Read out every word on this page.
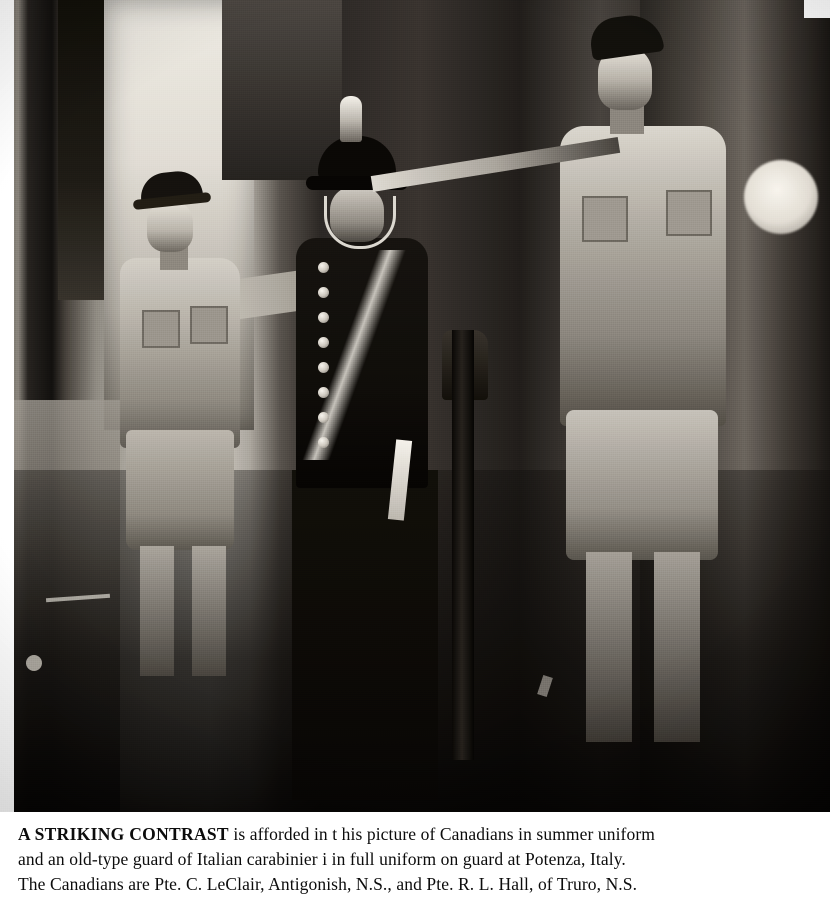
A STRIKING CONTRAST is afforded in t his picture of Canadians in summer uniform

and an old-type guard of Italian carabinier i in full uniform on guard at Potenza, Italy.

The Canadians are Pte. C. LeClair, Antigonish, N.S., and Pte. R. L. Hall, of Truro, N.S.
